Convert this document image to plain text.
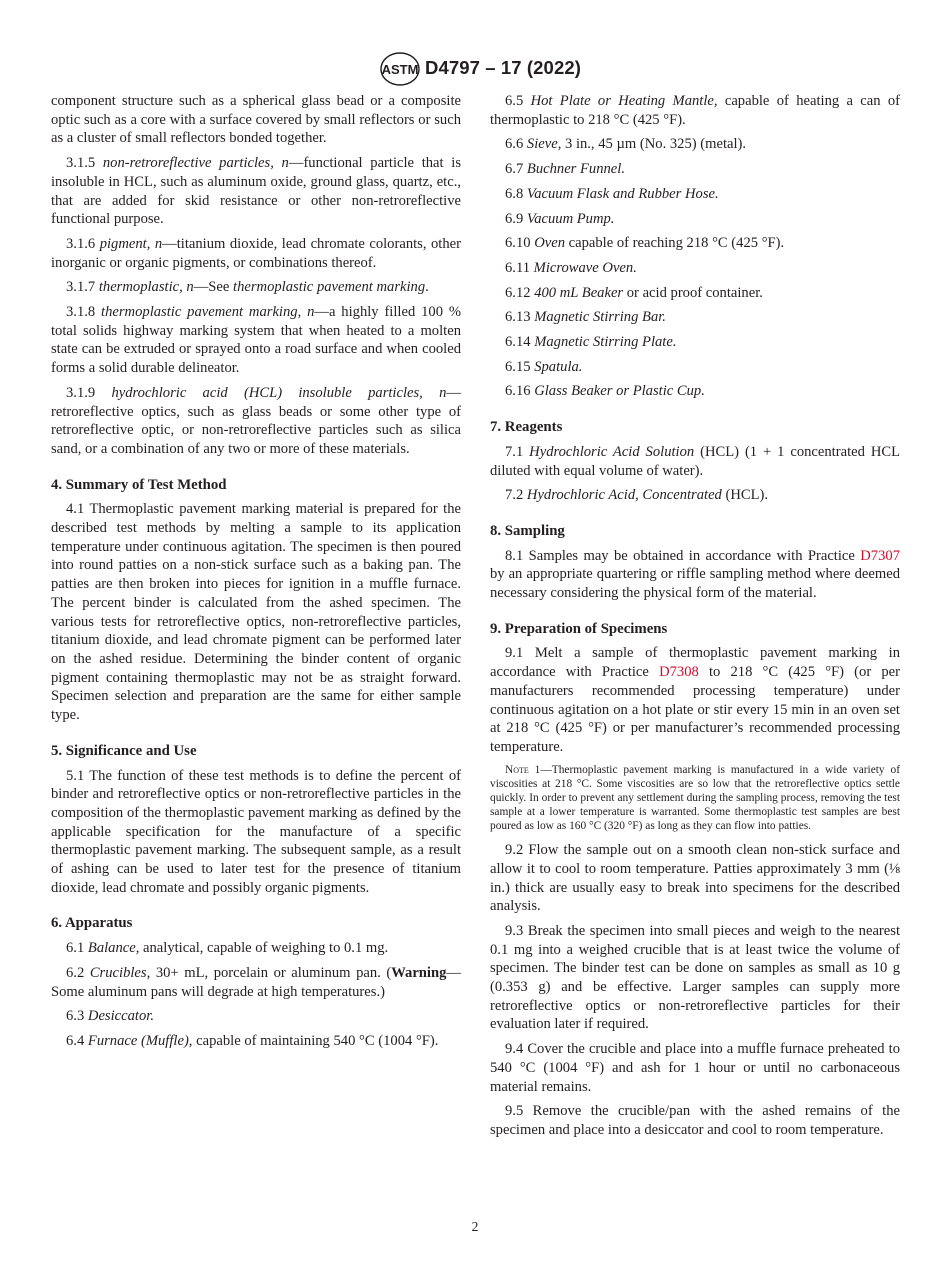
ASTM D4797 – 17 (2022)

component structure such as a spherical glass bead or a composite optic such as a core with a surface covered by small reflectors or such as a cluster of small reflectors bonded together.

3.1.5 non-retroreflective particles, n—functional particle that is insoluble in HCL, such as aluminum oxide, ground glass, quartz, etc., that are added for skid resistance or other non-retroreflective functional purpose.

3.1.6 pigment, n—titanium dioxide, lead chromate colorants, other inorganic or organic pigments, or combinations thereof.

3.1.7 thermoplastic, n—See thermoplastic pavement marking.

3.1.8 thermoplastic pavement marking, n—a highly filled 100 % total solids highway marking system that when heated to a molten state can be extruded or sprayed onto a road surface and when cooled forms a solid durable delineator.

3.1.9 hydrochloric acid (HCL) insoluble particles, n—retroreflective optics, such as glass beads or some other type of retroreflective optic, or non-retroreflective particles such as silica sand, or a combination of any two or more of these materials.

4. Summary of Test Method

4.1 Thermoplastic pavement marking material is prepared for the described test methods by melting a sample to its application temperature under continuous agitation. The specimen is then poured into round patties on a non-stick surface such as a baking pan. The patties are then broken into pieces for ignition in a muffle furnace. The percent binder is calculated from the ashed specimen. The various tests for retroreflective optics, non-retroreflective particles, titanium dioxide, and lead chromate pigment can be performed later on the ashed residue. Determining the binder content of organic pigment containing thermoplastic may not be as straight forward. Specimen selection and preparation are the same for either sample type.

5. Significance and Use

5.1 The function of these test methods is to define the percent of binder and retroreflective optics or non-retroreflective particles in the composition of the thermoplastic pavement marking as defined by the applicable specification for the manufacture of a specific thermoplastic pavement marking. The subsequent sample, as a result of ashing can be used to later test for the presence of titanium dioxide, lead chromate and possibly organic pigments.

6. Apparatus

6.1 Balance, analytical, capable of weighing to 0.1 mg.

6.2 Crucibles, 30+ mL, porcelain or aluminum pan. (Warning—Some aluminum pans will degrade at high temperatures.)

6.3 Desiccator.

6.4 Furnace (Muffle), capable of maintaining 540 °C (1004 °F).

6.5 Hot Plate or Heating Mantle, capable of heating a can of thermoplastic to 218 °C (425 °F).

6.6 Sieve, 3 in., 45 µm (No. 325) (metal).

6.7 Buchner Funnel.

6.8 Vacuum Flask and Rubber Hose.

6.9 Vacuum Pump.

6.10 Oven capable of reaching 218 °C (425 °F).

6.11 Microwave Oven.

6.12 400 mL Beaker or acid proof container.

6.13 Magnetic Stirring Bar.

6.14 Magnetic Stirring Plate.

6.15 Spatula.

6.16 Glass Beaker or Plastic Cup.

7. Reagents

7.1 Hydrochloric Acid Solution (HCL) (1 + 1 concentrated HCL diluted with equal volume of water).

7.2 Hydrochloric Acid, Concentrated (HCL).

8. Sampling

8.1 Samples may be obtained in accordance with Practice D7307 by an appropriate quartering or riffle sampling method where deemed necessary considering the physical form of the material.

9. Preparation of Specimens

9.1 Melt a sample of thermoplastic pavement marking in accordance with Practice D7308 to 218 °C (425 °F) (or per manufacturers recommended processing temperature) under continuous agitation on a hot plate or stir every 15 min in an oven set at 218 °C (425 °F) or per manufacturer’s recommended processing temperature.

Note 1—Thermoplastic pavement marking is manufactured in a wide variety of viscosities at 218 °C. Some viscosities are so low that the retroreflective optics settle quickly. In order to prevent any settlement during the sampling process, removing the test sample at a lower temperature is warranted. Some thermoplastic test samples are best poured as low as 160 °C (320 °F) as long as they can flow into patties.

9.2 Flow the sample out on a smooth clean non-stick surface and allow it to cool to room temperature. Patties approximately 3 mm (⅛ in.) thick are usually easy to break into specimens for the described analysis.

9.3 Break the specimen into small pieces and weigh to the nearest 0.1 mg into a weighed crucible that is at least twice the volume of specimen. The binder test can be done on samples as small as 10 g (0.353 g) and be effective. Larger samples can supply more retroreflective optics or non-retroreflective particles for their evaluation later if required.

9.4 Cover the crucible and place into a muffle furnace preheated to 540 °C (1004 °F) and ash for 1 hour or until no carbonaceous material remains.

9.5 Remove the crucible/pan with the ashed remains of the specimen and place into a desiccator and cool to room temperature.

2
